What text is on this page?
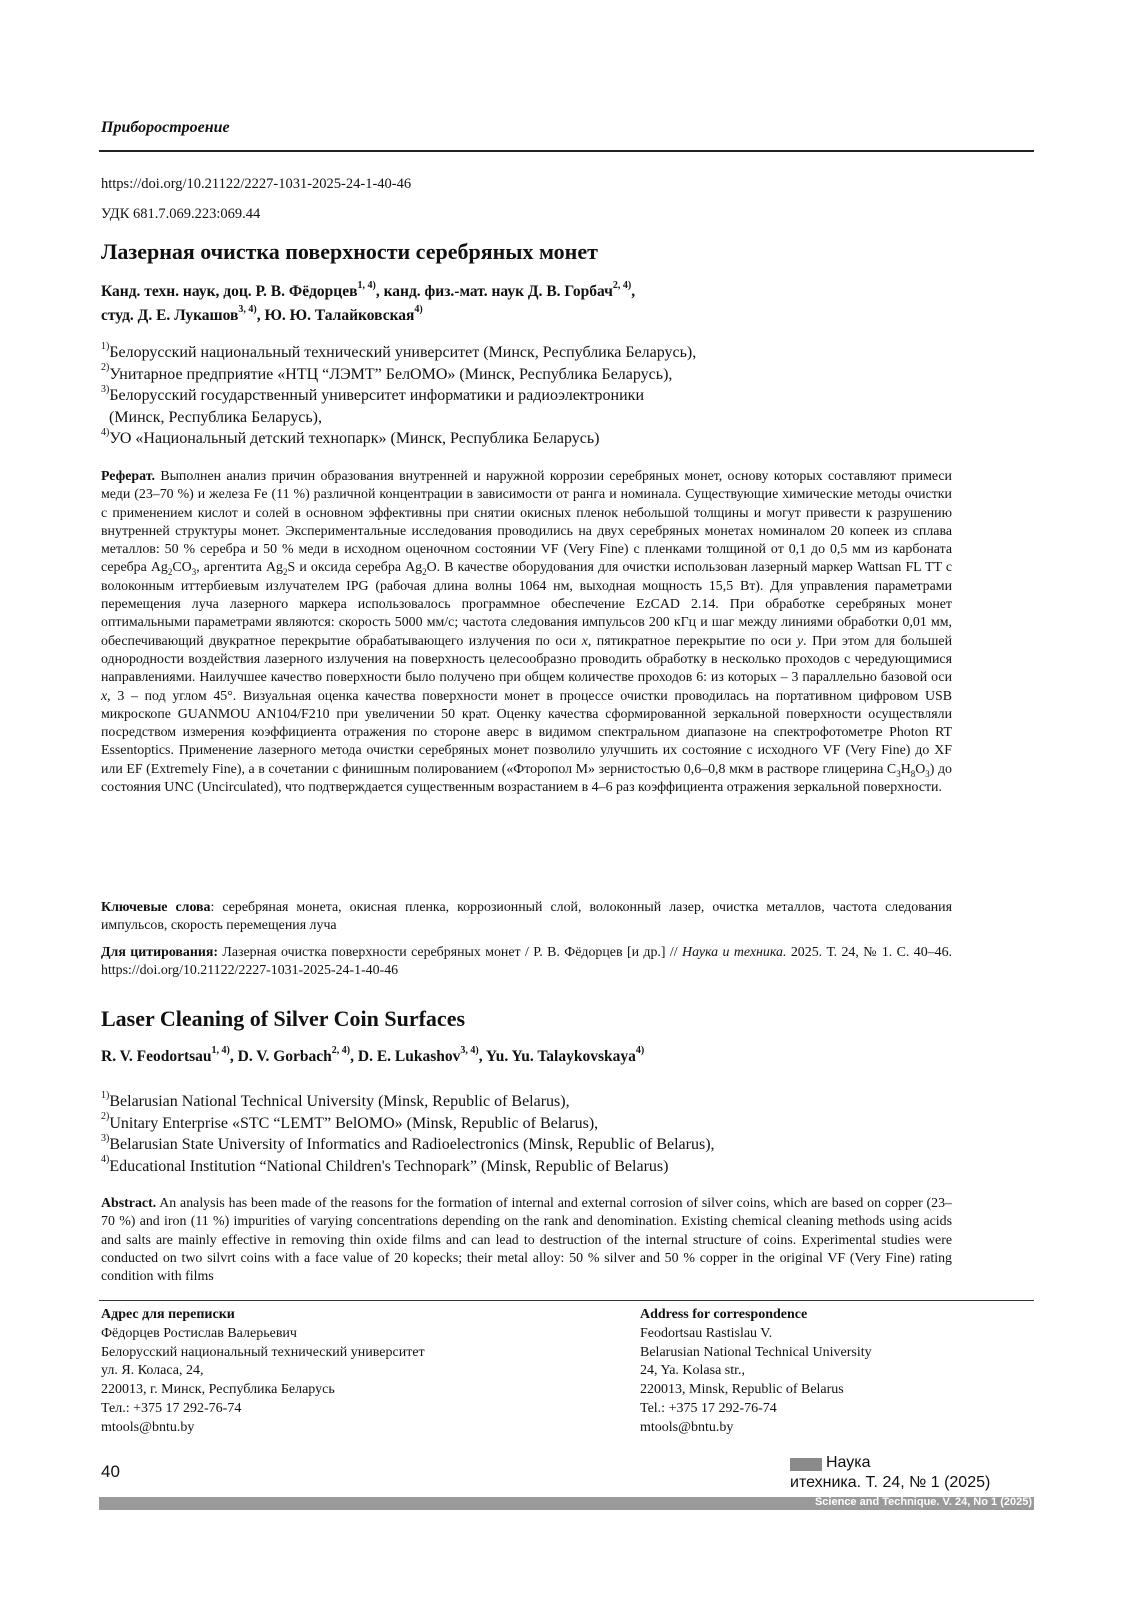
Приборостроение
https://doi.org/10.21122/2227-1031-2025-24-1-40-46
УДК 681.7.069.223:069.44
Лазерная очистка поверхности серебряных монет
Канд. техн. наук, доц. Р. В. Фёдорцев$^{1, 4)}$, канд. физ.-мат. наук Д. В. Горбач$^{2, 4)}$,
студ. Д. Е. Лукашов$^{3, 4)}$, Ю. Ю. Талайковская$^{4)}$
$^{1)}$Белорусский национальный технический университет (Минск, Республика Беларусь),
$^{2)}$Унитарное предприятие «НТЦ “ЛЭМТ” БелОМО» (Минск, Республика Беларусь),
$^{3)}$Белорусский государственный университет информатики и радиоэлектроники
(Минск, Республика Беларусь),
$^{4)}$УО «Национальный детский технопарк» (Минск, Республика Беларусь)
Реферат. Выполнен анализ причин образования внутренней и наружной коррозии серебряных монет, основу которых составляют примеси меди (23–70 %) и железа Fe (11 %) различной концентрации в зависимости от ранга и номинала. Существующие химические методы очистки с применением кислот и солей в основном эффективны при снятии окисных пленок небольшой толщины и могут привести к разрушению внутренней структуры монет. Экспериментальные исследования проводились на двух серебряных монетах номиналом 20 копеек из сплава металлов: 50 % серебра и 50 % меди в исходном оценочном состоянии VF (Very Fine) с пленками толщиной от 0,1 до 0,5 мм из карбоната серебра $Ag_2CO_3$, аргентита $Ag_2S$ и оксида серебра $Ag_2O$. В качестве оборудования для очистки использован лазерный маркер Wattsan FL TT с волоконным иттербиевым излучателем IPG (рабочая длина волны 1064 нм, выходная мощность 15,5 Вт). Для управления параметрами перемещения луча лазерного маркера использовалось программное обеспечение EzCAD 2.14. При обработке серебряных монет оптимальными параметрами являются: скорость 5000 мм/с; частота следования импульсов 200 кГц и шаг между линиями обработки 0,01 мм, обеспечивающий двукратное перекрытие обрабатывающего излучения по оси x, пятикратное перекрытие по оси y. При этом для большей однородности воздействия лазерного излучения на поверхность целесообразно проводить обработку в несколько проходов с чередующимися направлениями. Наилучшее качество поверхности было получено при общем количестве проходов 6: из которых – 3 параллельно базовой оси x, 3 – под углом 45°. Визуальная оценка качества поверхности монет в процессе очистки проводилась на портативном цифровом USB микроскопе GUANMOU AN104/F210 при увеличении 50 крат. Оценку качества сформированной зеркальной поверхности осуществляли посредством измерения коэффициента отражения по стороне аверс в видимом спектральном диапазоне на спектрофотометре Photon RT Essentoptics. Применение лазерного метода очистки серебряных монет позволило улучшить их состояние с исходного VF (Very Fine) до XF или EF (Extremely Fine), а в сочетании с финишным полированием («Фторопол М» зернистостью 0,6–0,8 мкм в растворе глицерина $C_3H_8O_3$) до состояния UNC (Uncirculated), что подтверждается существенным возрастанием в 4–6 раз коэффициента отражения зеркальной поверхности.
Ключевые слова: серебряная монета, окисная пленка, коррозионный слой, волоконный лазер, очистка металлов, частота следования импульсов, скорость перемещения луча
Для цитирования: Лазерная очистка поверхности серебряных монет / Р. В. Фёдорцев [и др.] // Наука и техника. 2025. Т. 24, № 1. С. 40–46. https://doi.org/10.21122/2227-1031-2025-24-1-40-46
Laser Cleaning of Silver Coin Surfaces
R. V. Feodortsau$^{1, 4)}$, D. V. Gorbach$^{2, 4)}$, D. E. Lukashov$^{3, 4)}$, Yu. Yu. Talaykovskaya$^{4)}$
$^{1)}$Belarusian National Technical University (Minsk, Republic of Belarus),
$^{2)}$Unitary Enterprise «STC “LEMT” BelOMO» (Minsk, Republic of Belarus),
$^{3)}$Belarusian State University of Informatics and Radioelectronics (Minsk, Republic of Belarus),
$^{4)}$Educational Institution “National Children's Technopark” (Minsk, Republic of Belarus)
Abstract. An analysis has been made of the reasons for the formation of internal and external corrosion of silver coins, which are based on copper (23–70 %) and iron (11 %) impurities of varying concentrations depending on the rank and denomination. Existing chemical cleaning methods using acids and salts are mainly effective in removing thin oxide films and can lead to destruction of the internal structure of coins. Experimental studies were conducted on two silvrt coins with a face value of 20 kopecks; their metal alloy: 50 % silver and 50 % copper in the original VF (Very Fine) rating condition with films
Адрес для переписки
Фёдорцев Ростислав Валерьевич
Белорусский национальный технический университет
ул. Я. Коласа, 24,
220013, г. Минск, Республика Беларусь
Тел.: +375 17 292-76-74
mtools@bntu.by
Address for correspondence
Feodortsau Rastislau V.
Belarusian National Technical University
24, Ya. Kolasa str.,
220013, Minsk, Republic of Belarus
Tel.: +375 17 292-76-74
mtools@bntu.by
40	Наука
итехника. Т. 24, № 1 (2025)
Science and Technique. V. 24, No 1 (2025)
